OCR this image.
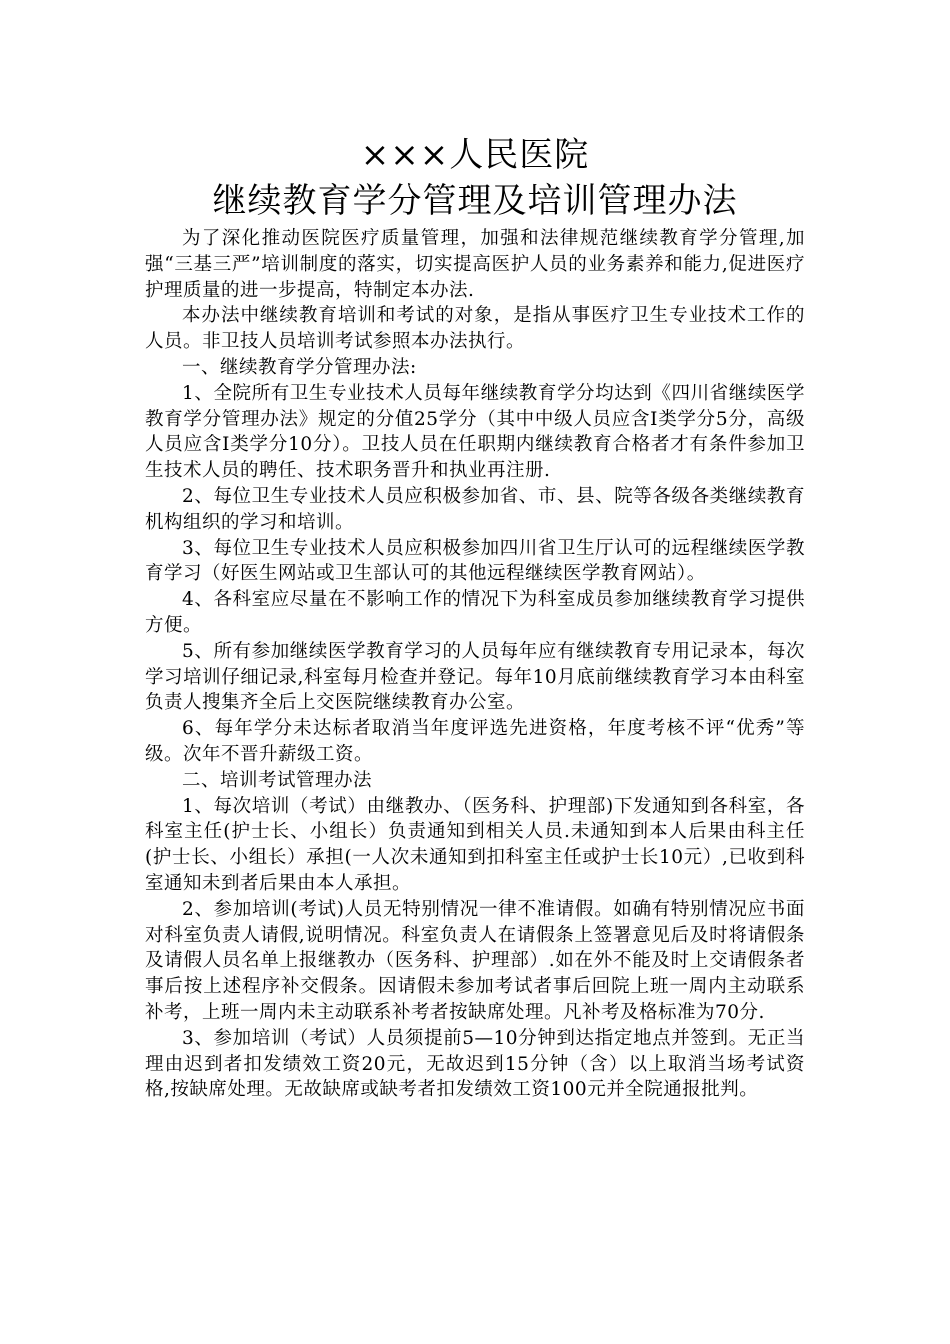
×××人民医院
继续教育学分管理及培训管理办法

为了深化推动医院医疗质量管理，加强和法律规范继续教育学分管理,加强“三基三严”培训制度的落实，切实提高医护人员的业务素养和能力,促进医疗护理质量的进一步提高，特制定本办法.

本办法中继续教育培训和考试的对象，是指从事医疗卫生专业技术工作的人员。非卫技人员培训考试参照本办法执行。

一、继续教育学分管理办法:

1、全院所有卫生专业技术人员每年继续教育学分均达到《四川省继续医学教育学分管理办法》规定的分值25学分（其中中级人员应含Ⅰ类学分5分，高级人员应含Ⅰ类学分10分）。卫技人员在任职期内继续教育合格者才有条件参加卫生技术人员的聘任、技术职务晋升和执业再注册.

2、每位卫生专业技术人员应积极参加省、市、县、院等各级各类继续教育机构组织的学习和培训。

3、每位卫生专业技术人员应积极参加四川省卫生厅认可的远程继续医学教育学习（好医生网站或卫生部认可的其他远程继续医学教育网站）。

4、各科室应尽量在不影响工作的情况下为科室成员参加继续教育学习提供方便。

5、所有参加继续医学教育学习的人员每年应有继续教育专用记录本，每次学习培训仔细记录,科室每月检查并登记。每年10月底前继续教育学习本由科室负责人搜集齐全后上交医院继续教育办公室。

6、每年学分未达标者取消当年度评选先进资格，年度考核不评“优秀”等级。次年不晋升薪级工资。

二、培训考试管理办法

1、每次培训（考试）由继教办、（医务科、护理部)下发通知到各科室，各科室主任(护士长、小组长）负责通知到相关人员.未通知到本人后果由科主任(护士长、小组长）承担(一人次未通知到扣科室主任或护士长10元）,已收到科室通知未到者后果由本人承担。

2、参加培训(考试)人员无特别情况一律不准请假。如确有特别情况应书面对科室负责人请假,说明情况。科室负责人在请假条上签署意见后及时将请假条及请假人员名单上报继教办（医务科、护理部）.如在外不能及时上交请假条者事后按上述程序补交假条。因请假未参加考试者事后回院上班一周内主动联系补考，上班一周内未主动联系补考者按缺席处理。凡补考及格标准为70分.

3、参加培训（考试）人员须提前5—10分钟到达指定地点并签到。无正当理由迟到者扣发绩效工资20元，无故迟到15分钟（含）以上取消当场考试资格,按缺席处理。无故缺席或缺考者扣发绩效工资100元并全院通报批判。
